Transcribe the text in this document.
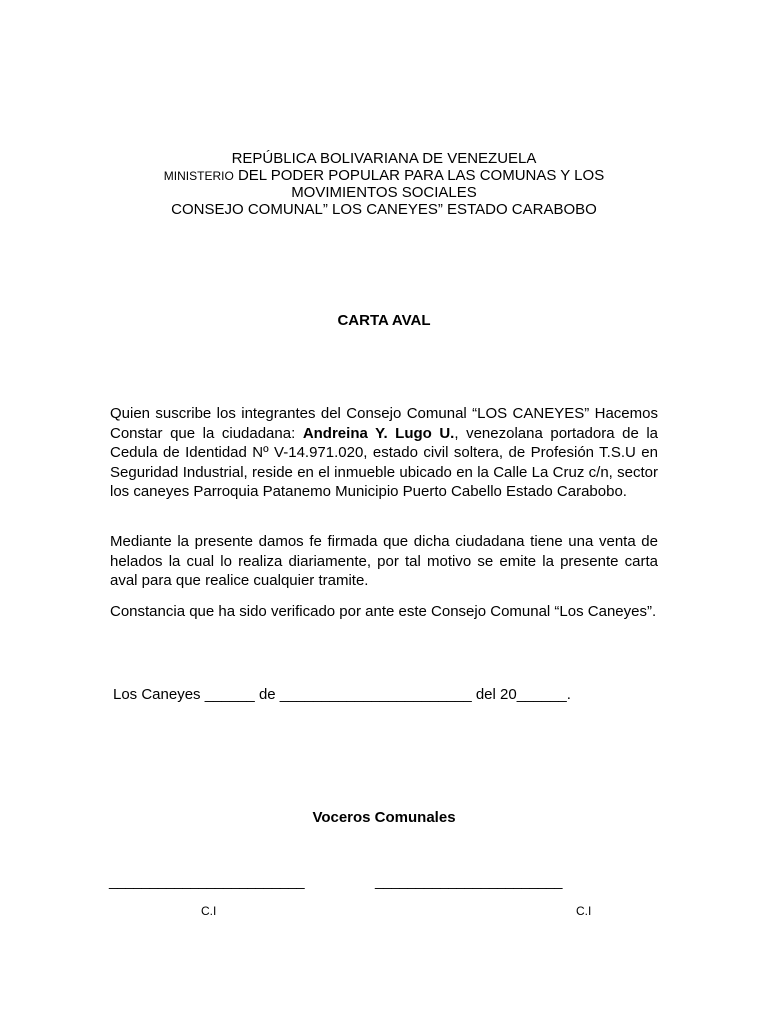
REPÚBLICA BOLIVARIANA DE VENEZUELA
MINISTERIO DEL PODER POPULAR PARA LAS COMUNAS Y LOS
MOVIMIENTOS SOCIALES
CONSEJO COMUNAL” LOS CANEYES” ESTADO CARABOBO
CARTA AVAL
Quien suscribe los integrantes del Consejo Comunal “LOS CANEYES” Hacemos Constar que la ciudadana: Andreina Y. Lugo U., venezolana portadora de la Cedula de Identidad Nº V-14.971.020, estado civil soltera, de Profesión T.S.U en Seguridad Industrial, reside en el inmueble ubicado en la Calle La Cruz c/n, sector los caneyes Parroquia Patanemo Municipio Puerto Cabello Estado Carabobo.
Mediante la presente damos fe firmada que dicha ciudadana tiene una venta de helados la cual lo realiza diariamente, por tal motivo se emite la presente carta aval para que realice cualquier tramite.
Constancia que ha sido verificado por ante este Consejo Comunal “Los Caneyes”.
Los Caneyes ______ de _______________________ del 20______.
Voceros Comunales
________________________	_______________________
C.I	C.I
